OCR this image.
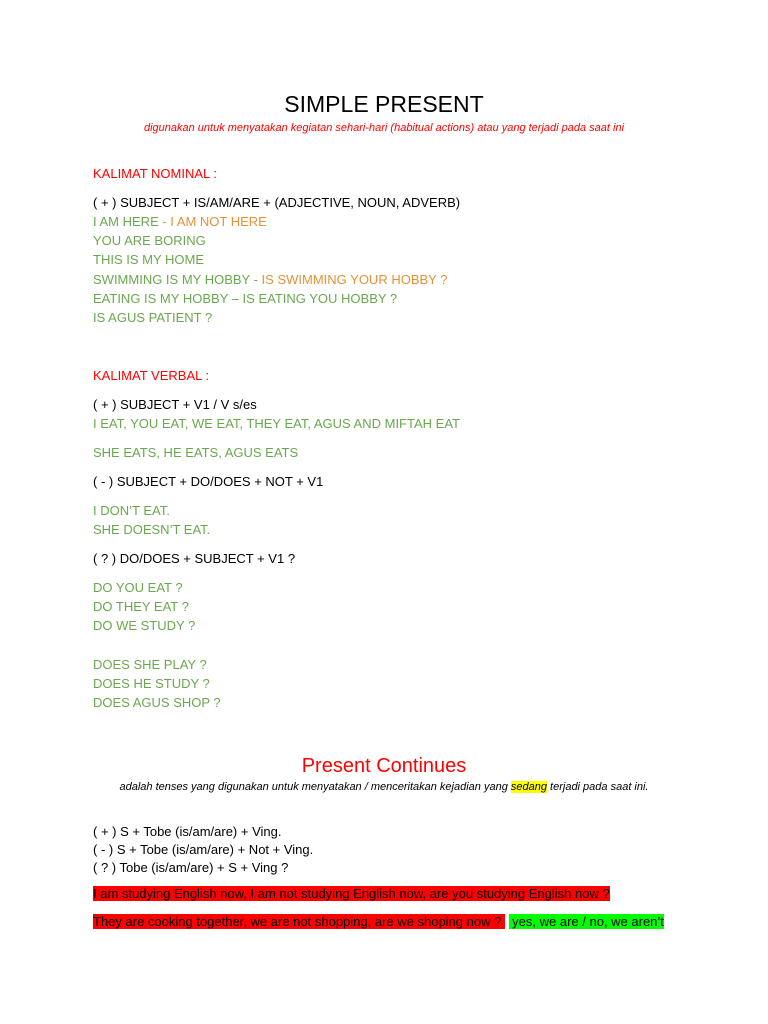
SIMPLE PRESENT
digunakan untuk menyatakan kegiatan sehari-hari (habitual actions) atau yang terjadi pada saat ini
KALIMAT NOMINAL :
( + ) SUBJECT + IS/AM/ARE + (ADJECTIVE, NOUN, ADVERB)
I AM HERE - I AM NOT HERE
YOU ARE BORING
THIS IS MY HOME
SWIMMING IS MY HOBBY - IS SWIMMING YOUR HOBBY ?
EATING IS MY HOBBY – IS EATING YOU HOBBY ?
IS AGUS PATIENT ?
KALIMAT VERBAL :
( + ) SUBJECT + V1 / V s/es
I EAT, YOU EAT, WE EAT, THEY EAT, AGUS AND MIFTAH EAT
SHE EATS, HE EATS, AGUS EATS
( - ) SUBJECT + DO/DOES + NOT + V1
I DON’T EAT.
SHE DOESN’T EAT.
( ? ) DO/DOES + SUBJECT + V1 ?
DO YOU EAT ?
DO THEY EAT ?
DO WE STUDY ?
DOES SHE PLAY ?
DOES HE STUDY ?
DOES AGUS SHOP ?
Present Continues
adalah tenses yang digunakan untuk menyatakan / menceritakan kejadian yang sedang terjadi pada saat ini.
( + ) S + Tobe (is/am/are) + Ving.
( - ) S + Tobe (is/am/are) + Not + Ving.
( ? ) Tobe (is/am/are) + S + Ving ?
I am studying English now, I am not studying English now, are you studying English now ?
They are cooking together, we are not shopping, are we shoping now ?   yes, we are / no, we aren’t
